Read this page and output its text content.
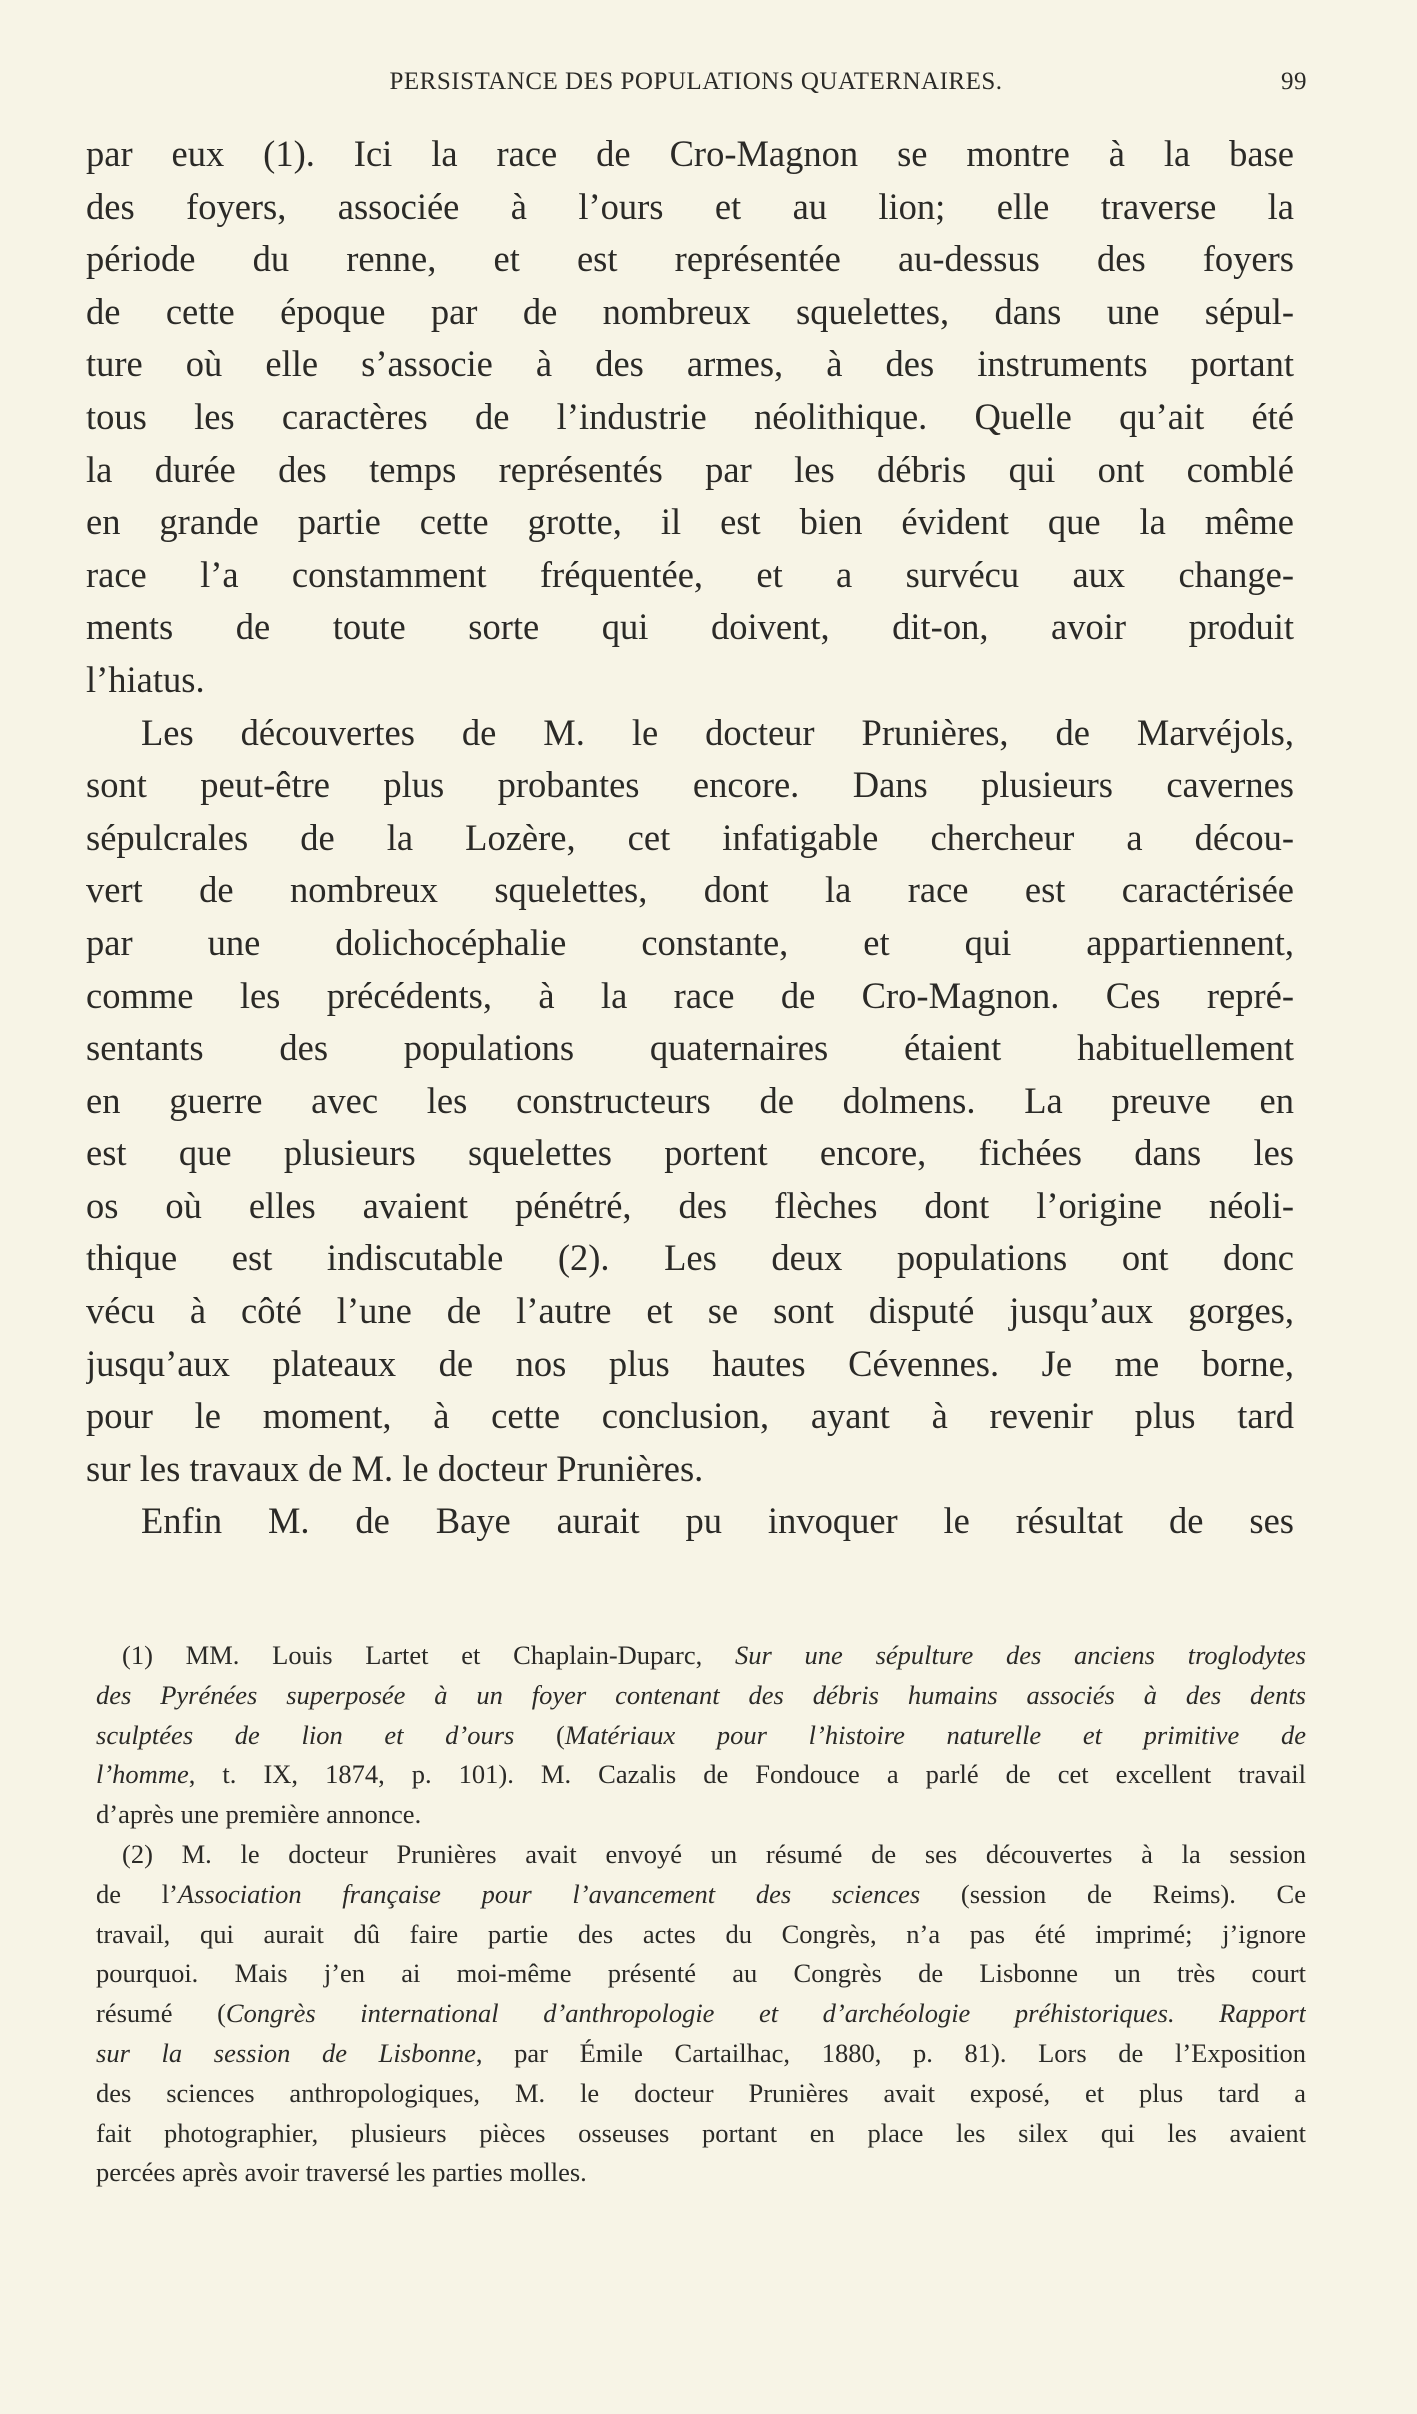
PERSISTANCE DES POPULATIONS QUATERNAIRES.	99
par eux (1). Ici la race de Cro-Magnon se montre à la base
des foyers, associée à l’ours et au lion; elle traverse la
période du renne, et est représentée au-dessus des foyers
de cette époque par de nombreux squelettes, dans une sépul-
ture où elle s’associe à des armes, à des instruments portant
tous les caractères de l’industrie néolithique. Quelle qu’ait été
la durée des temps représentés par les débris qui ont comblé
en grande partie cette grotte, il est bien évident que la même
race l’a constamment fréquentée, et a survécu aux change-
ments de toute sorte qui doivent, dit-on, avoir produit
l’hiatus.
Les découvertes de M. le docteur Prunières, de Marvéjols,
sont peut-être plus probantes encore. Dans plusieurs cavernes
sépulcrales de la Lozère, cet infatigable chercheur a décou-
vert de nombreux squelettes, dont la race est caractérisée
par une dolichocéphalie constante, et qui appartiennent,
comme les précédents, à la race de Cro-Magnon. Ces repré-
sentants des populations quaternaires étaient habituellement
en guerre avec les constructeurs de dolmens. La preuve en
est que plusieurs squelettes portent encore, fichées dans les
os où elles avaient pénétré, des flèches dont l’origine néoli-
thique est indiscutable (2). Les deux populations ont donc
vécu à côté l’une de l’autre et se sont disputé jusqu’aux gorges,
jusqu’aux plateaux de nos plus hautes Cévennes. Je me borne,
pour le moment, à cette conclusion, ayant à revenir plus tard
sur les travaux de M. le docteur Prunières.
Enfin M. de Baye aurait pu invoquer le résultat de ses
(1) MM. Louis Lartet et Chaplain-Duparc, Sur une sépulture des anciens troglodytes
des Pyrénées superposée à un foyer contenant des débris humains associés à des dents
sculptées de lion et d’ours (Matériaux pour l’histoire naturelle et primitive de
l’homme, t. IX, 1874, p. 101). M. Cazalis de Fondouce a parlé de cet excellent travail
d’après une première annonce.
(2) M. le docteur Prunières avait envoyé un résumé de ses découvertes à la session
de l’Association française pour l’avancement des sciences (session de Reims). Ce
travail, qui aurait dû faire partie des actes du Congrès, n’a pas été imprimé; j’ignore
pourquoi. Mais j’en ai moi-même présenté au Congrès de Lisbonne un très court
résumé (Congrès international d’anthropologie et d’archéologie préhistoriques. Rapport
sur la session de Lisbonne, par Émile Cartailhac, 1880, p. 81). Lors de l’Exposition
des sciences anthropologiques, M. le docteur Prunières avait exposé, et plus tard a
fait photographier, plusieurs pièces osseuses portant en place les silex qui les avaient
percées après avoir traversé les parties molles.
